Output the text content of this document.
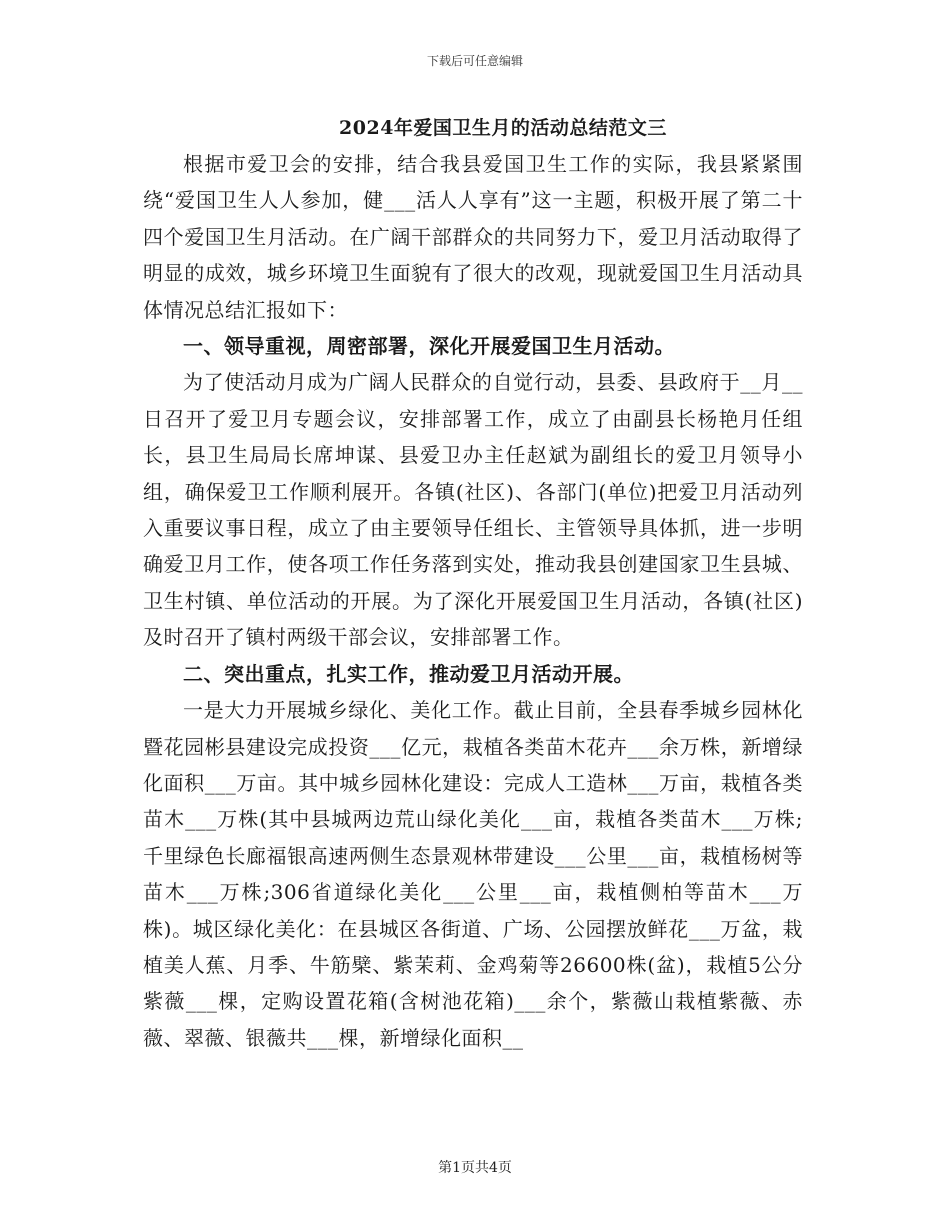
下载后可任意编辑
2024年爱国卫生月的活动总结范文三

根据市爱卫会的安排，结合我县爱国卫生工作的实际，我县紧紧围绕“爱国卫生人人参加，健___活人人享有”这一主题，积极开展了第二十四个爱国卫生月活动。在广阔干部群众的共同努力下，爱卫月活动取得了明显的成效，城乡环境卫生面貌有了很大的改观，现就爱国卫生月活动具体情况总结汇报如下：

一、领导重视，周密部署，深化开展爱国卫生月活动。

为了使活动月成为广阔人民群众的自觉行动，县委、县政府于__月__日召开了爱卫月专题会议，安排部署工作，成立了由副县长杨艳月任组长，县卫生局局长席坤谋、县爱卫办主任赵斌为副组长的爱卫月领导小组，确保爱卫工作顺利展开。各镇(社区)、各部门(单位)把爱卫月活动列入重要议事日程，成立了由主要领导任组长、主管领导具体抓，进一步明确爱卫月工作，使各项工作任务落到实处，推动我县创建国家卫生县城、卫生村镇、单位活动的开展。为了深化开展爱国卫生月活动，各镇(社区)及时召开了镇村两级干部会议，安排部署工作。

二、突出重点，扎实工作，推动爱卫月活动开展。

一是大力开展城乡绿化、美化工作。截止目前，全县春季城乡园林化暨花园彬县建设完成投资___亿元，栽植各类苗木花卉___余万株，新增绿化面积___万亩。其中城乡园林化建设：完成人工造林___万亩，栽植各类苗木___万株(其中县城两边荒山绿化美化___亩，栽植各类苗木___万株;千里绿色长廊福银高速两侧生态景观林带建设___公里___亩，栽植杨树等苗木___万株;306省道绿化美化___公里___亩，栽植侧柏等苗木___万株)。城区绿化美化：在县城区各街道、广场、公园摆放鲜花___万盆，栽植美人蕉、月季、牛筋檗、紫茉莉、金鸡菊等26600株(盆)，栽植5公分紫薇___棵，定购设置花箱(含树池花箱)___余个，紫薇山栽植紫薇、赤薇、翠薇、银薇共___棵，新增绿化面积__

第1页共4页
